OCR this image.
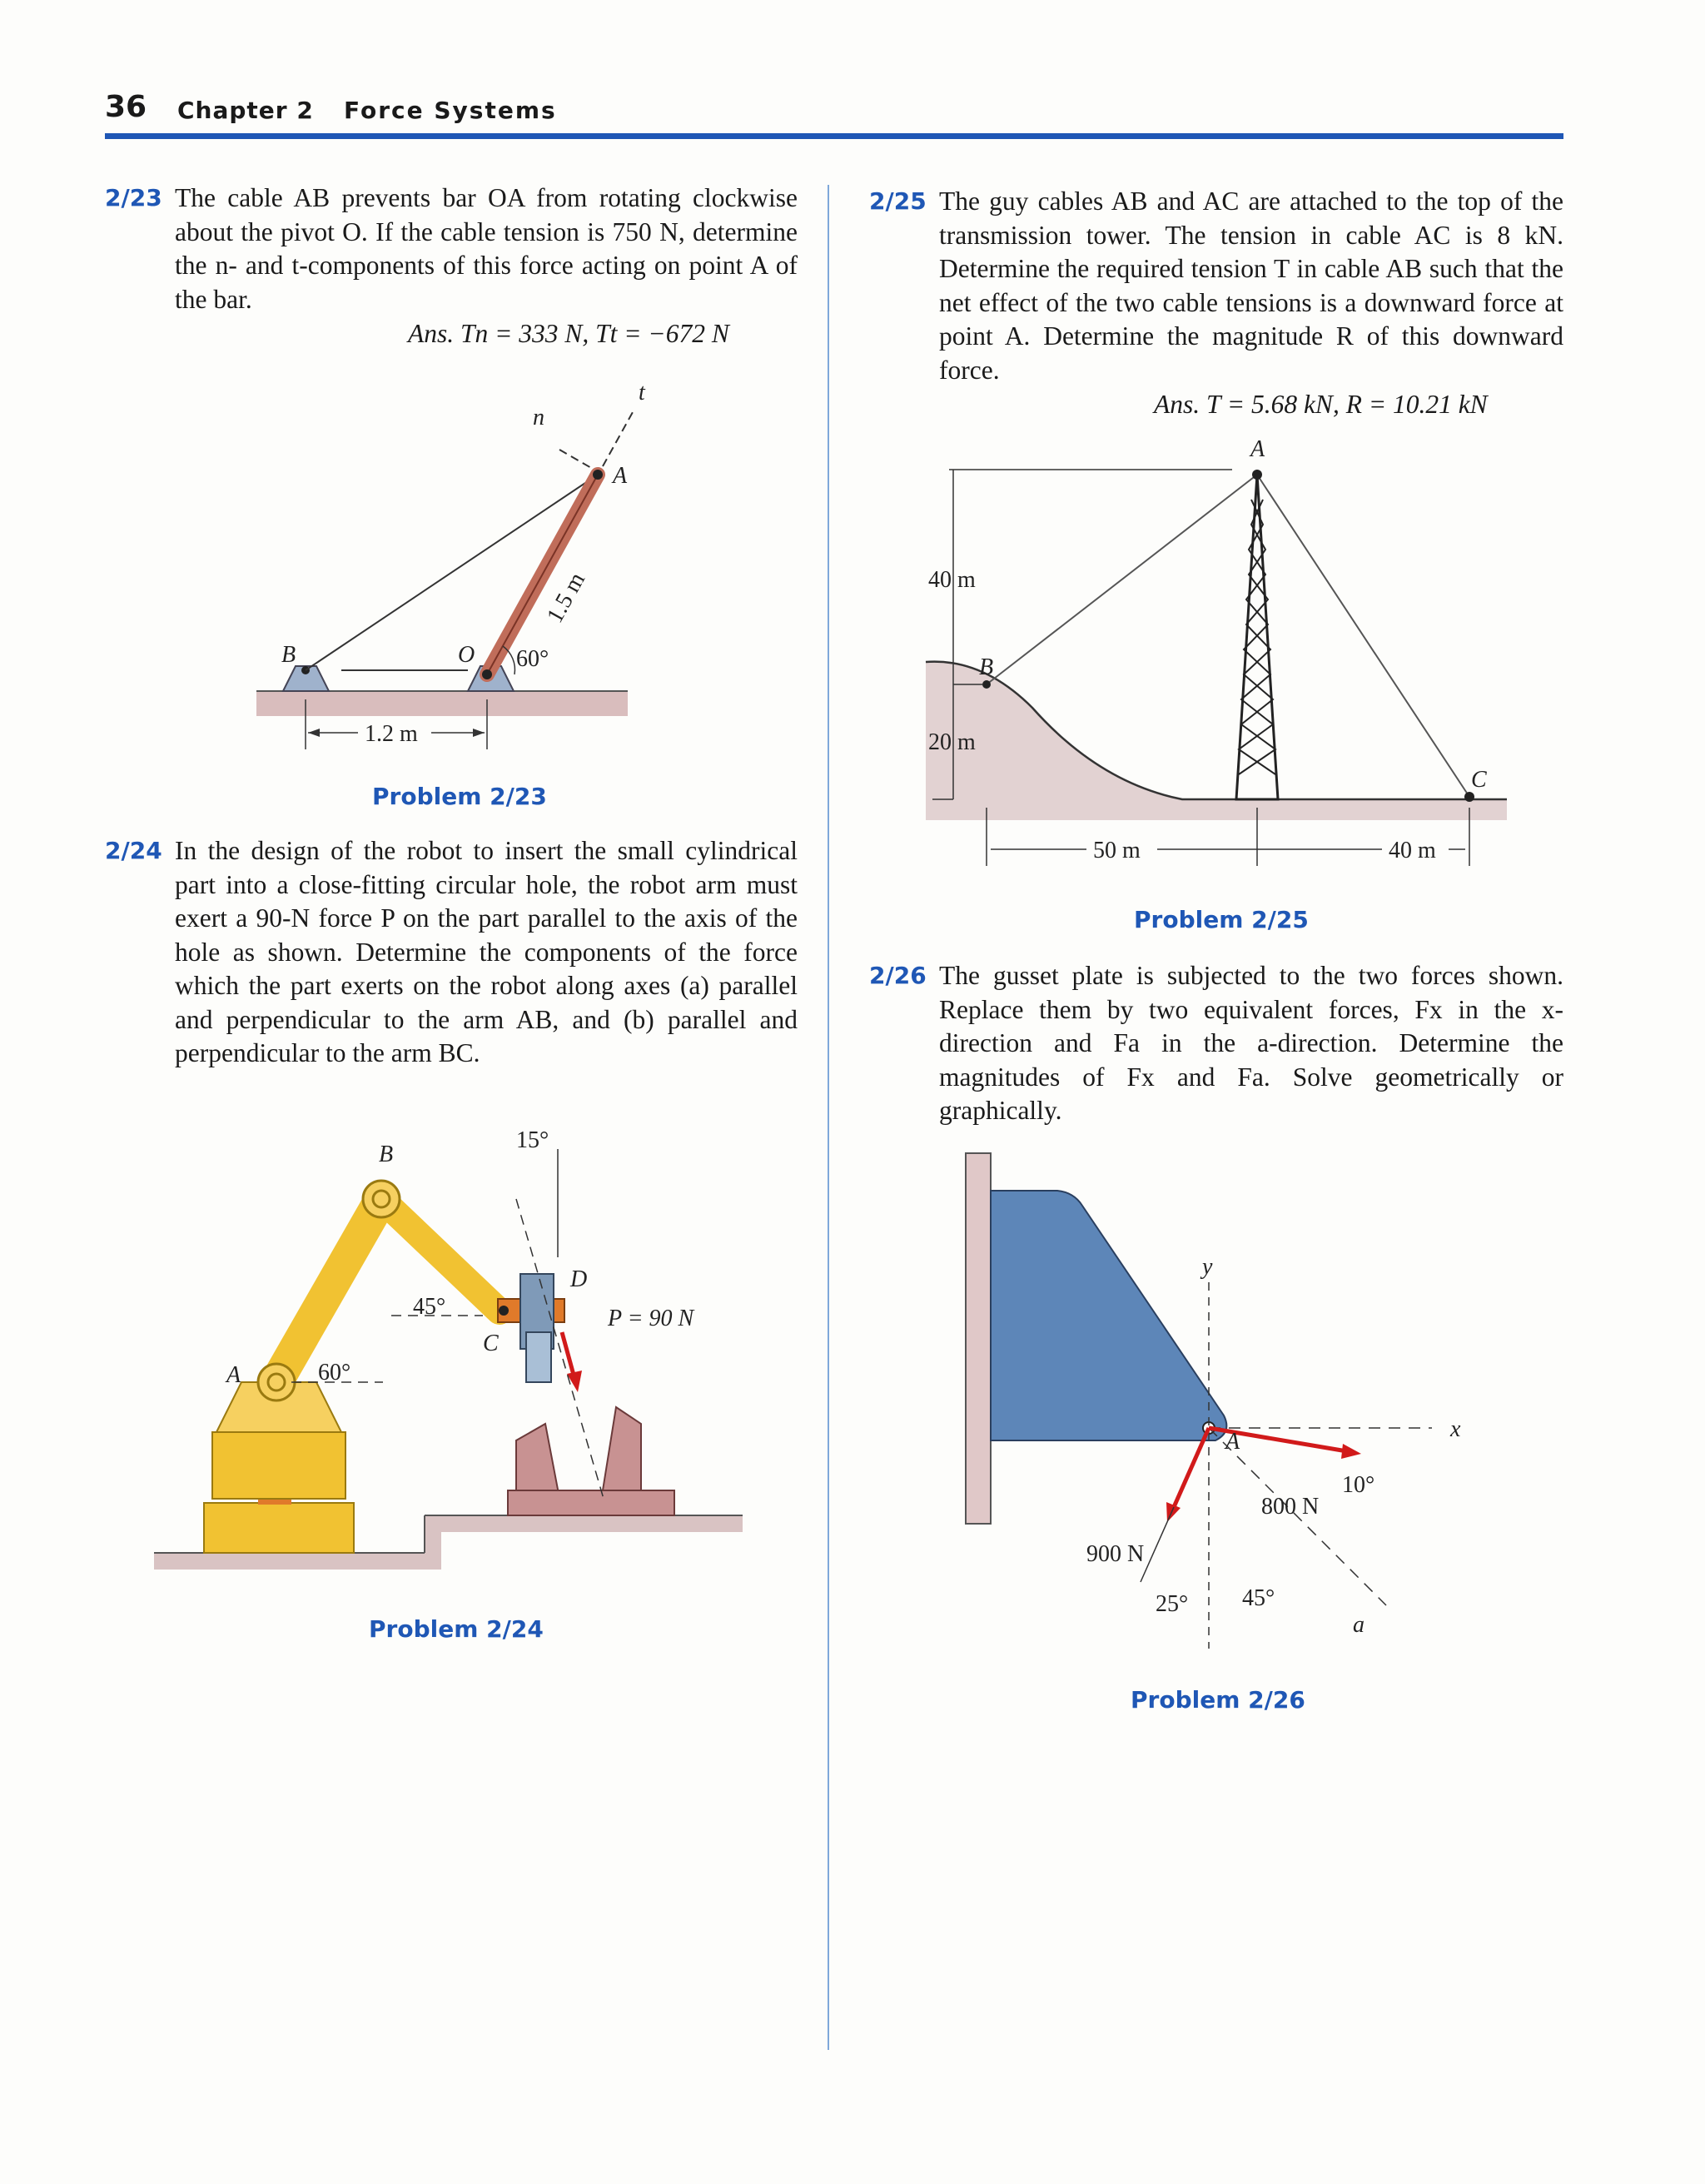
36 Chapter 2 Force Systems
2/23 The cable AB prevents bar OA from rotating clockwise about the pivot O. If the cable tension is 750 N, determine the n- and t-components of this force acting on point A of the bar.
Ans. Tn = 333 N, Tt = −672 N
n
t
A
B	O 60°
1.5 m
1.2 m
Problem 2/23
2/24 In the design of the robot to insert the small cylindrical part into a close-fitting circular hole, the robot arm must exert a 90-N force P on the part parallel to the axis of the hole as shown. Determine the components of the force which the part exerts on the robot along axes (a) parallel and perpendicular to the arm AB, and (b) parallel and perpendicular to the arm BC.
B
A
C
D
15°
45°
60°
P = 90 N
Problem 2/24
2/25 The guy cables AB and AC are attached to the top of the transmission tower. The tension in cable AC is 8 kN. Determine the required tension T in cable AB such that the net effect of the two cable tensions is a downward force at point A. Determine the magnitude R of this downward force.
Ans. T = 5.68 kN, R = 10.21 kN
A
B
C
40 m
20 m
50 m	40 m
Problem 2/25
2/26 The gusset plate is subjected to the two forces shown. Replace them by two equivalent forces, Fx in the x-direction and Fa in the a-direction. Determine the magnitudes of Fx and Fa. Solve geometrically or graphically.
y
x
a
A
900 N
800 N
10°
25° 45°
Problem 2/26
